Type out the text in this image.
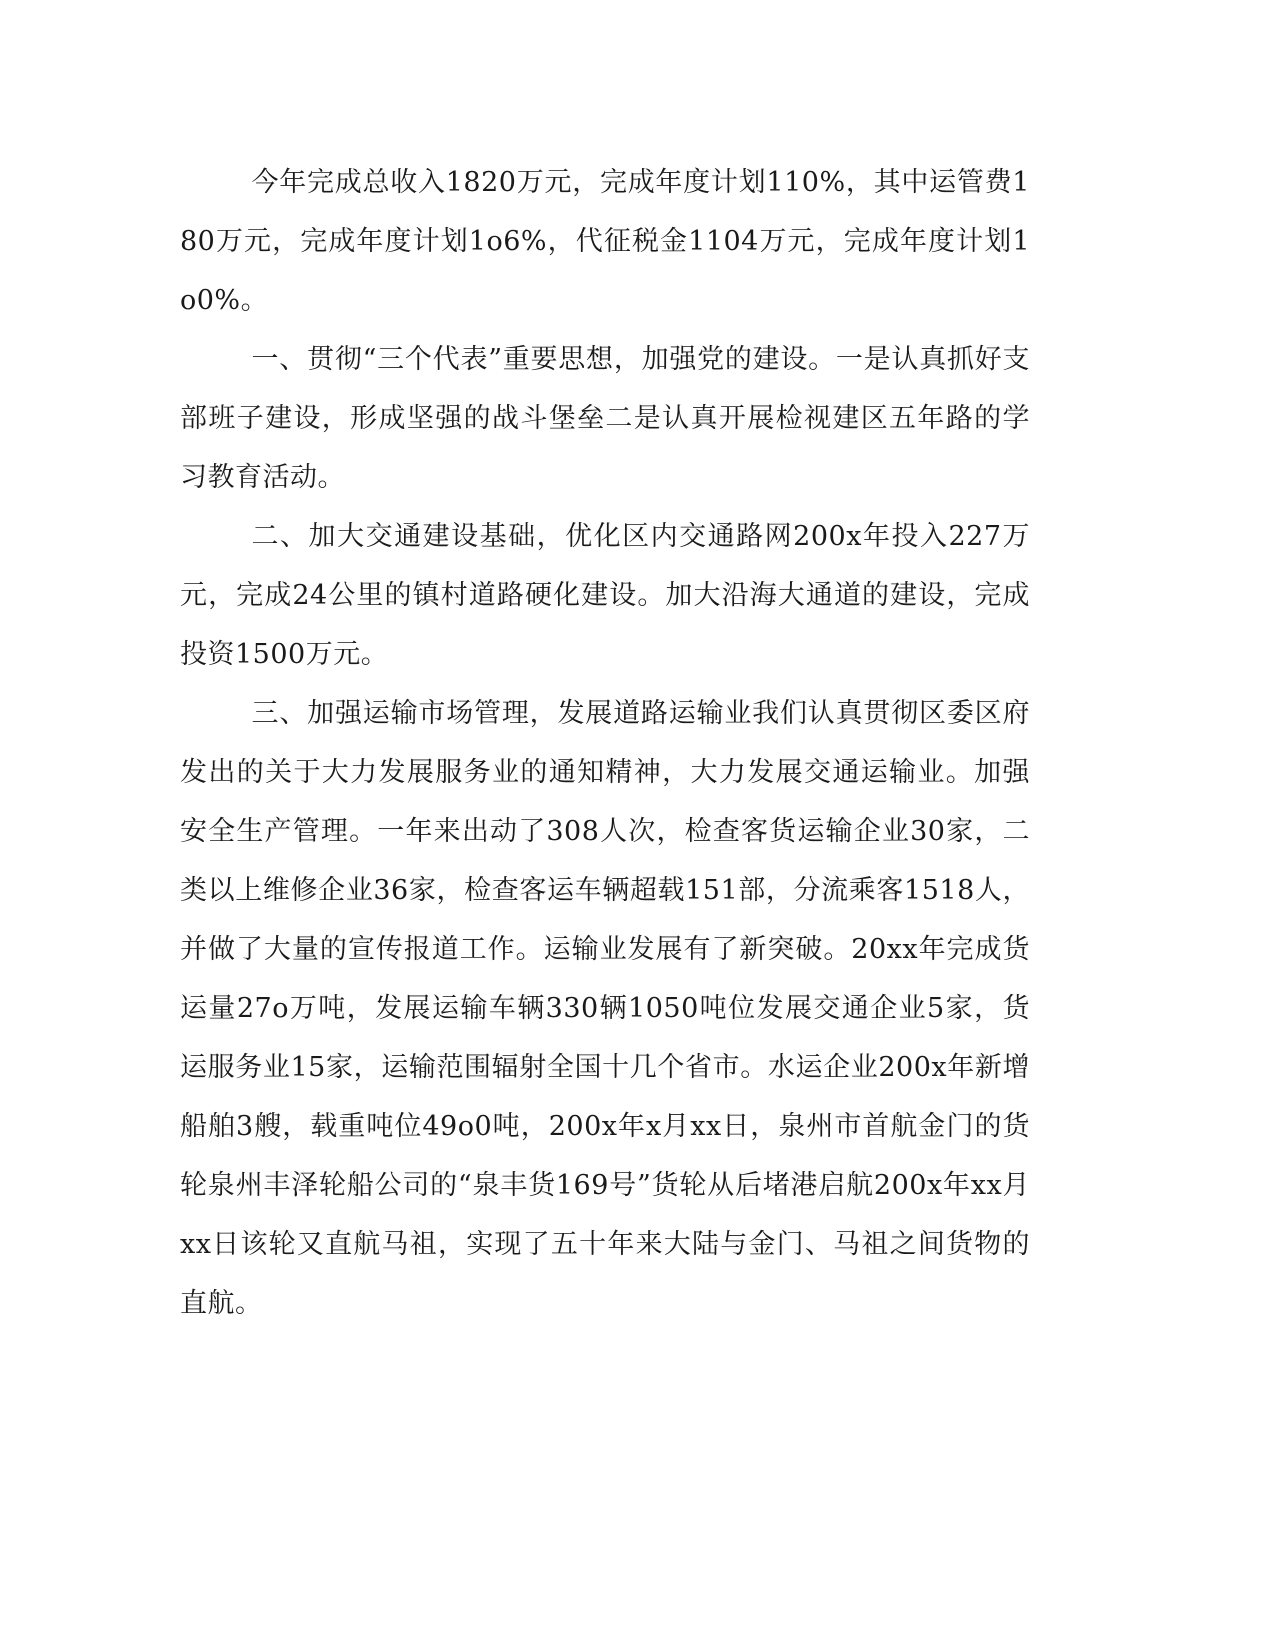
今年完成总收入1820万元，完成年度计划110%，其中运管费180万元，完成年度计划1o6%，代征税金1104万元，完成年度计划1o0%。

一、贯彻“三个代表”重要思想，加强党的建设。一是认真抓好支部班子建设，形成坚强的战斗堡垒二是认真开展检视建区五年路的学习教育活动。

二、加大交通建设基础，优化区内交通路网200x年投入227万元，完成24公里的镇村道路硬化建设。加大沿海大通道的建设，完成投资1500万元。

三、加强运输市场管理，发展道路运输业我们认真贯彻区委区府发出的关于大力发展服务业的通知精神，大力发展交通运输业。加强安全生产管理。一年来出动了308人次，检查客货运输企业30家，二类以上维修企业36家，检查客运车辆超载151部，分流乘客1518人，并做了大量的宣传报道工作。运输业发展有了新突破。20xx年完成货运量27o万吨，发展运输车辆330辆1050吨位发展交通企业5家，货运服务业15家，运输范围辐射全国十几个省市。水运企业200x年新增船舶3艘，载重吨位49o0吨，200x年x月xx日，泉州市首航金门的货轮泉州丰泽轮船公司的“泉丰货169号”货轮从后堵港启航200x年xx月xx日该轮又直航马祖，实现了五十年来大陆与金门、马祖之间货物的直航。
